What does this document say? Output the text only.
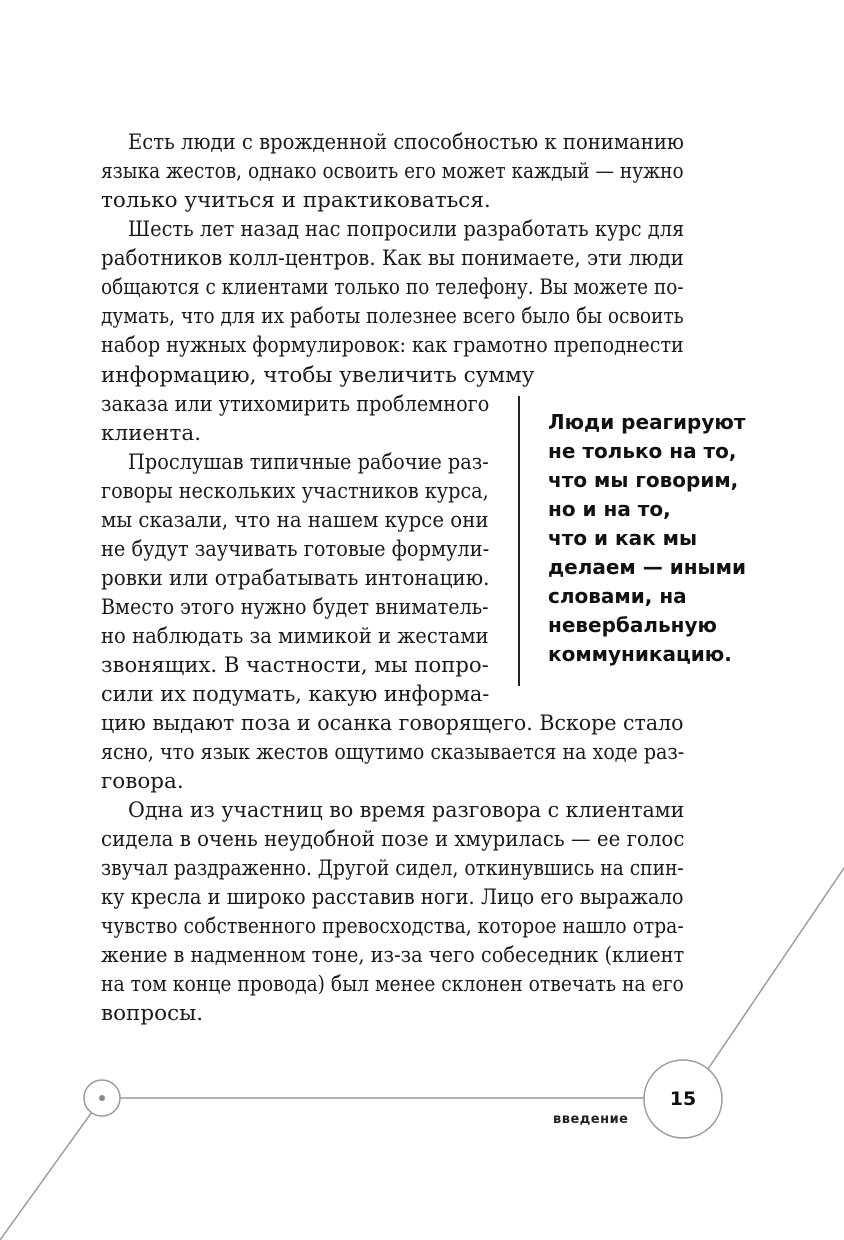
Есть люди с врожденной способностью к пониманию
языка жестов, однако освоить его может каждый — нужно
только учиться и практиковаться.
Шесть лет назад нас попросили разработать курс для
работников колл-центров. Как вы понимаете, эти люди
общаются с клиентами только по телефону. Вы можете по-
думать, что для их работы полезнее всего было бы освоить
набор нужных формулировок: как грамотно преподнести
информацию, чтобы увеличить сумму
заказа или утихомирить проблемного
клиента.
Прослушав типичные рабочие раз-
говоры нескольких участников курса,
мы сказали, что на нашем курсе они
не будут заучивать готовые формули-
ровки или отрабатывать интонацию.
Вместо этого нужно будет вниматель-
но наблюдать за мимикой и жестами
звонящих. В частности, мы попро-
сили их подумать, какую информа-
цию выдают поза и осанка говорящего. Вскоре стало
ясно, что язык жестов ощутимо сказывается на ходе раз-
говора.
Одна из участниц во время разговора с клиентами
сидела в очень неудобной позе и хмурилась — ее голос
звучал раздраженно. Другой сидел, откинувшись на спин-
ку кресла и широко расставив ноги. Лицо его выражало
чувство собственного превосходства, которое нашло отра-
жение в надменном тоне, из-за чего собеседник (клиент
на том конце провода) был менее склонен отвечать на его
вопросы.
Люди реагируют
не только на то,
что мы говорим,
но и на то,
что и как мы
делаем — иными
словами, на
невербальную
коммуникацию.
введение
15
